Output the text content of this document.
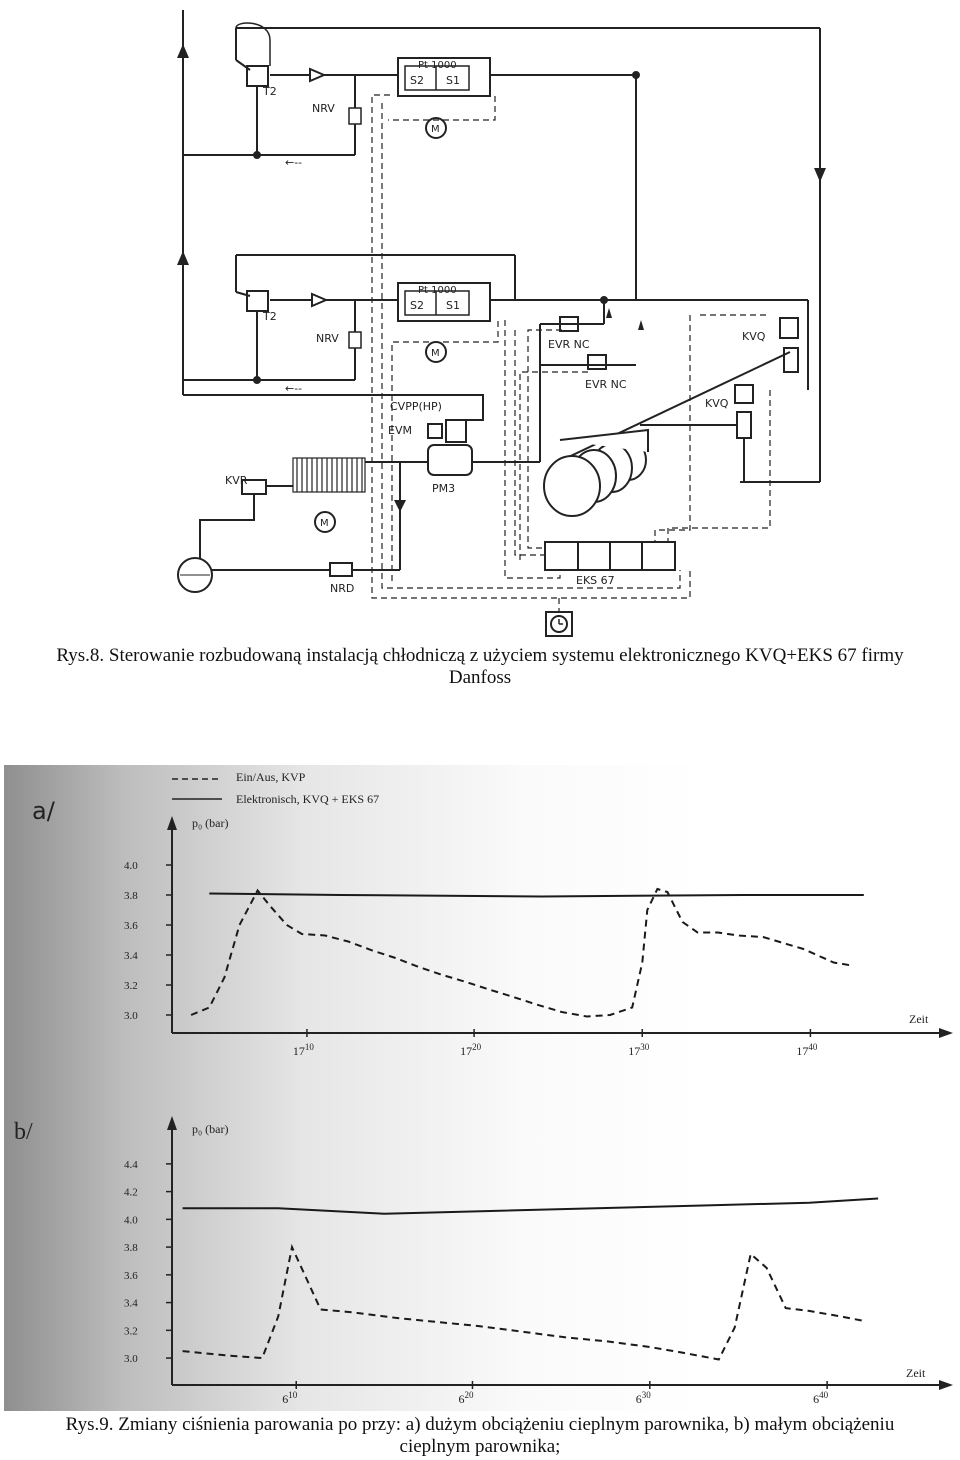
Pt 1000
S2 S1
T2
NRV
←‑‑
M
Pt 1000
S2 S1
T2
NRV
←‑‑
M
EVR NC
EVR NC
KVQ
KVQ
CVPP(HP)
EVM
PM3
M
KVR
NRD
EKS 67
Rys.8. Sterowanie rozbudowaną instalacją chłodniczą z użyciem systemu elektronicznego KVQ+EKS 67 firmy
Danfoss
Ein/Aus, KVP
Elektronisch, KVQ + EKS 67
a/
b/
p₀ (bar)
Zeit
4.0
3.8
3.6
3.4
3.2
3.0
$17^{10}$	$17^{20}$	$17^{30}$	$17^{40}$
p₀ (bar)
Zeit
4.4
4.2
4.0
3.8
3.6
3.4
3.2
3.0
$6^{10}$	$6^{20}$	$6^{30}$	$6^{40}$
Rys.9. Zmiany ciśnienia parowania po przy: a) dużym obciążeniu cieplnym parownika, b) małym obciążeniu
cieplnym parownika;
